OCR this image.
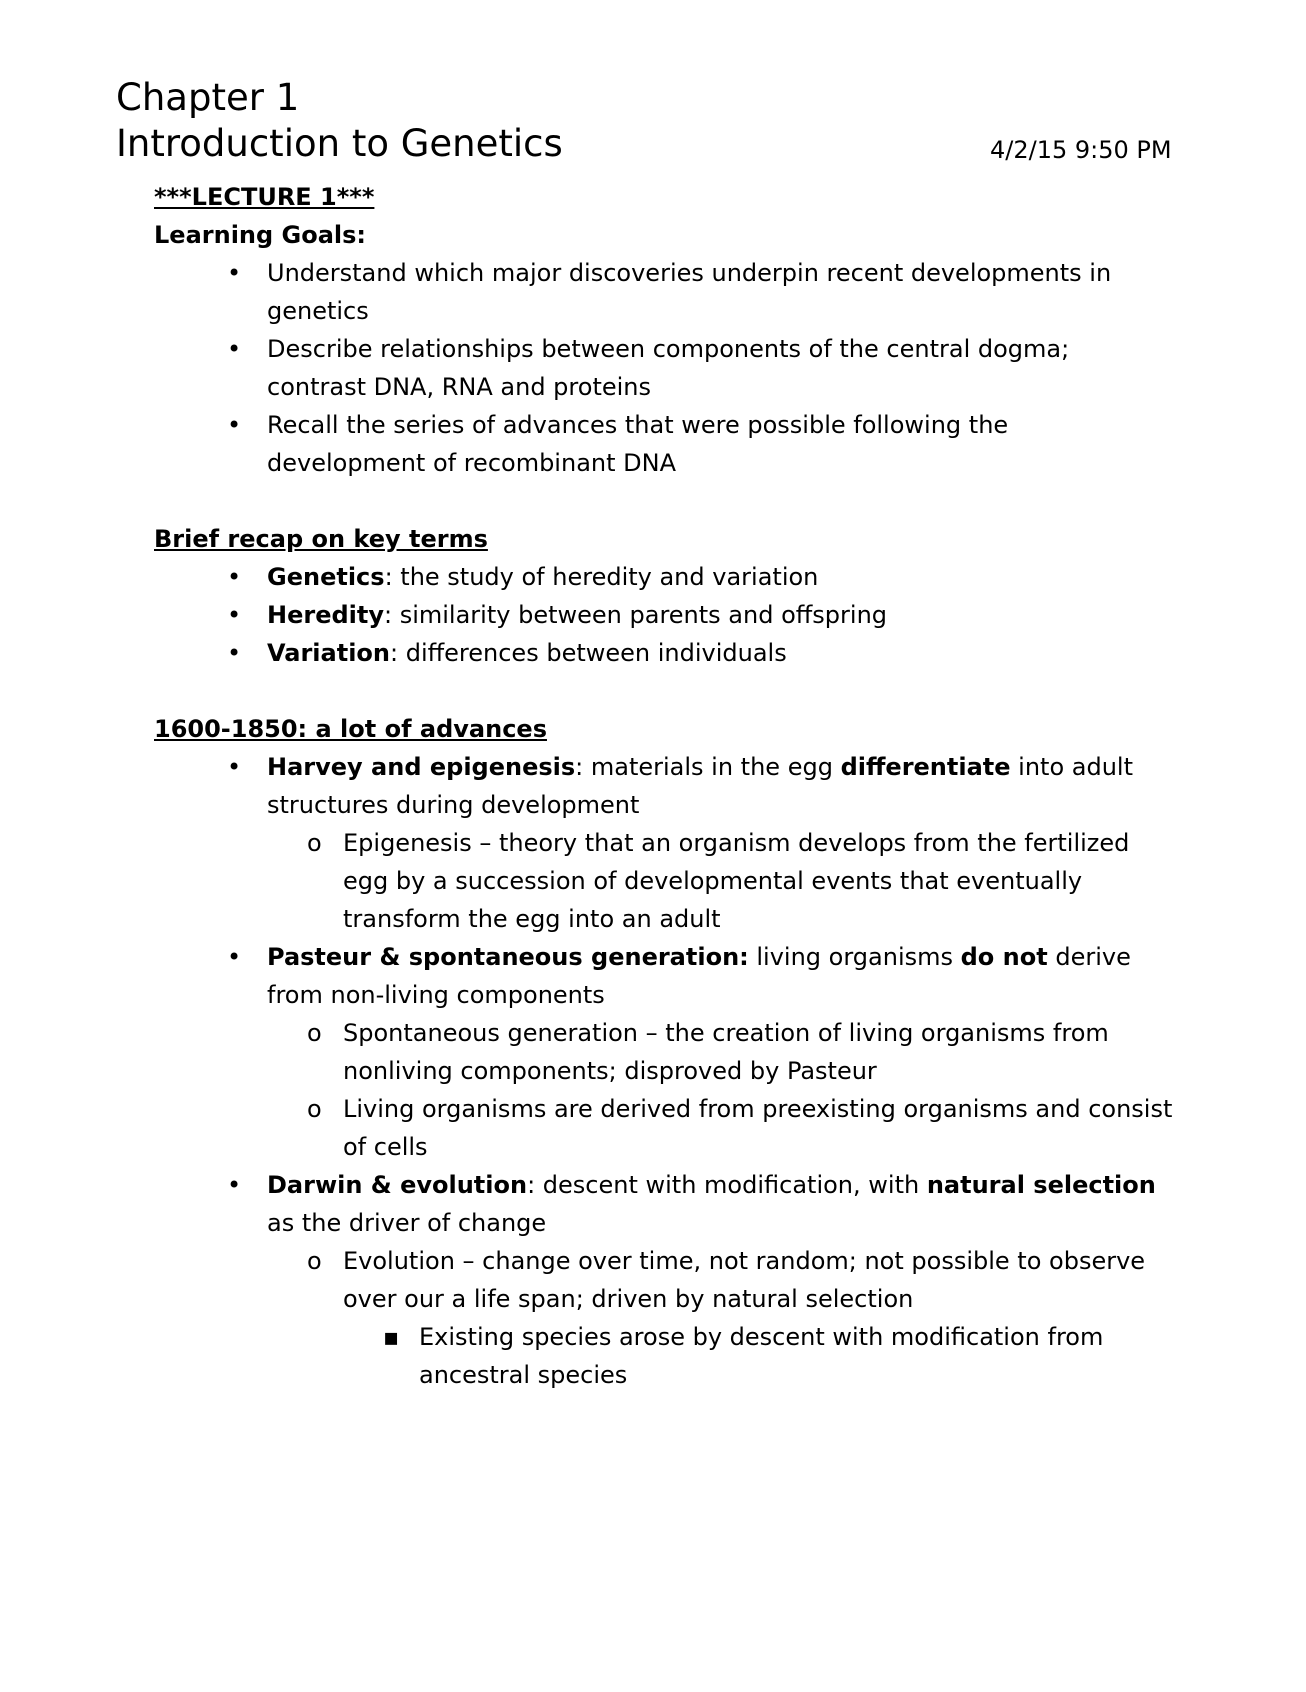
Chapter 1
Introduction to Genetics	4/2/15 9:50 PM
***LECTURE 1***
Learning Goals:
• Understand which major discoveries underpin recent developments in genetics
• Describe relationships between components of the central dogma; contrast DNA, RNA and proteins
• Recall the series of advances that were possible following the development of recombinant DNA
Brief recap on key terms
• Genetics: the study of heredity and variation
• Heredity: similarity between parents and offspring
• Variation: differences between individuals
1600-1850: a lot of advances
• Harvey and epigenesis: materials in the egg differentiate into adult structures during development
o Epigenesis – theory that an organism develops from the fertilized egg by a succession of developmental events that eventually transform the egg into an adult
• Pasteur & spontaneous generation: living organisms do not derive from non-living components
o Spontaneous generation – the creation of living organisms from nonliving components; disproved by Pasteur
o Living organisms are derived from preexisting organisms and consist of cells
• Darwin & evolution: descent with modification, with natural selection as the driver of change
o Evolution – change over time, not random; not possible to observe over our a life span; driven by natural selection
▪ Existing species arose by descent with modification from ancestral species
